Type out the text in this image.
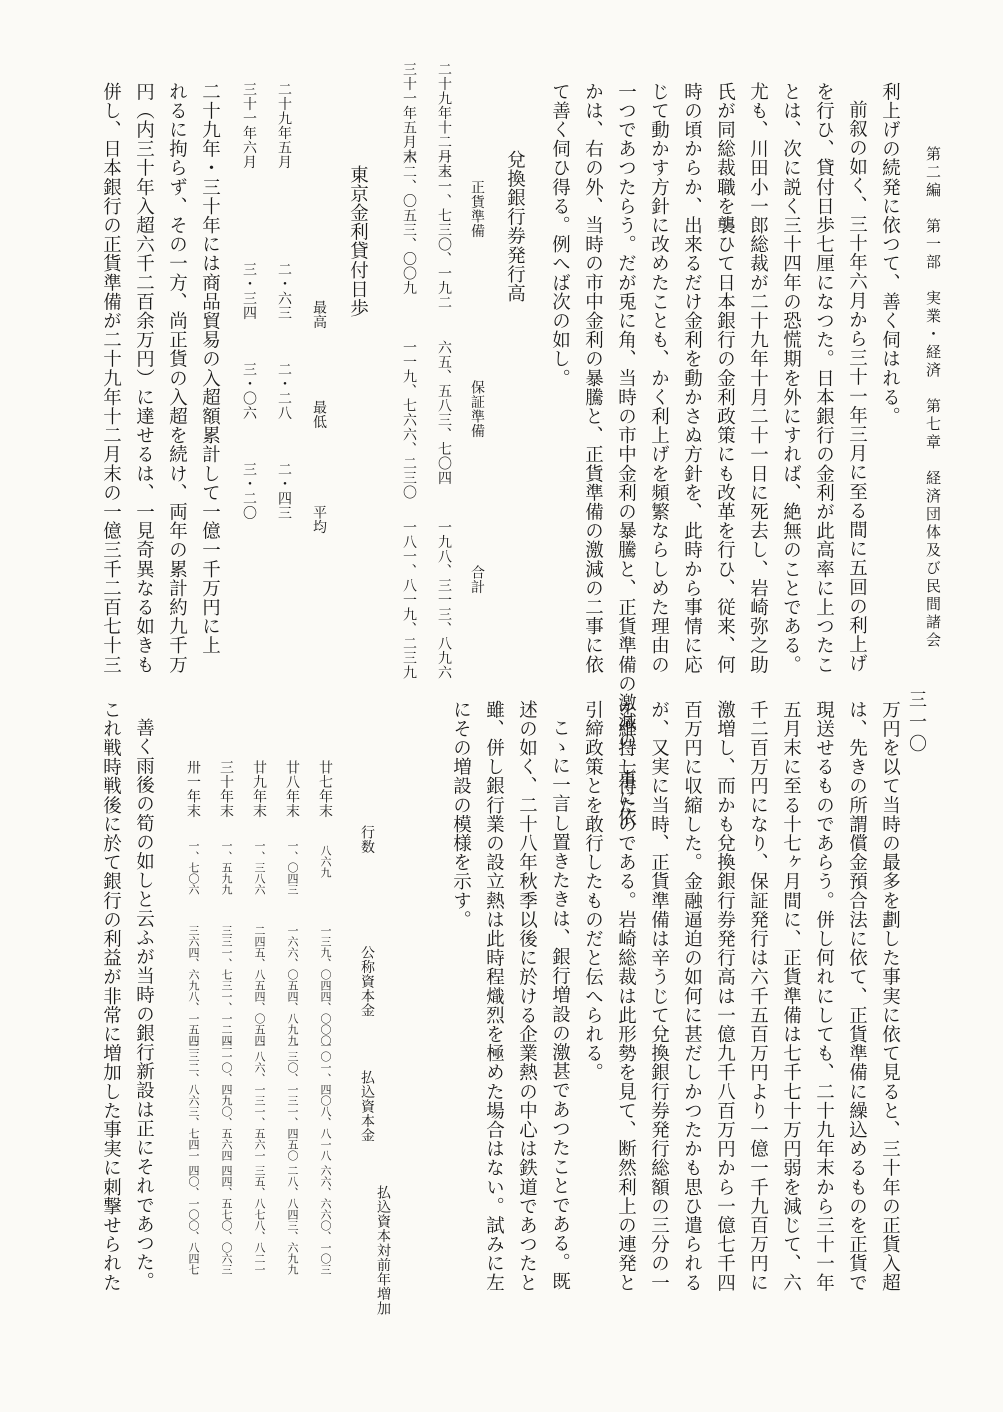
第二編　第一部　実業・経済　第七章　経済団体及び民間諸会
三一〇
利上げの続発に依つて、善く伺はれる。
前叙の如く、三十年六月から三十一年三月に至る間に五回の利上げ
を行ひ、貸付日歩七厘になつた。日本銀行の金利が此高率に上つたこ
とは、次に説く三十四年の恐慌期を外にすれば、絶無のことである。
尤も、川田小一郎総裁が二十九年十月二十一日に死去し、岩崎弥之助
氏が同総裁職を襲ひて日本銀行の金利政策にも改革を行ひ、従来、何
時の頃からか、出来るだけ金利を動かさぬ方針を、此時から事情に応
じて動かす方針に改めたことも、かく利上げを頻繁ならしめた理由の
一つであつたらう。だが兎に角、当時の市中金利の暴騰と、正貨準備の激減の二事に依
かは、右の外、当時の市中金利の暴騰と、正貨準備の激減の二事に依
て善く伺ひ得る。例へば次の如し。
兌換銀行券発行高
正貨準備
保証準備
合計
二十九年十二月末
一三一、七三〇、一九二
六五、五八三、七〇四
一九八、三一三、八九六
三十一年五月末
六二、〇五三、〇〇九
一一九、七六六、二三〇
一八一、八一九、二三九
東京金利貸付日歩
最高
最低
平均
二十九年五月
二・六三
二・二八
二・四三
三十一年六月
三・三四
三・〇六
三・二〇
二十九年・三十年には商品貿易の入超額累計して一億一千万円に上
れるに拘らず、その一方、尚正貨の入超を続け、両年の累計約九千万
円（内三十年入超六千二百余万円）に達せるは、一見奇異なる如きも
併し、日本銀行の正貨準備が二十九年十二月末の一億三千二百七十三
万円を以て当時の最多を劃した事実に依て見ると、三十年の正貨入超
は、先きの所謂償金預合法に依て、正貨準備に繰込めるものを正貨で
現送せるものであらう。併し何れにしても、二十九年末から三十一年
五月末に至る十七ヶ月間に、正貨準備は七千七十万円弱を減じて、六
千二百万円になり、保証発行は六千五百万円より一億一千九百万円に
激増し、而かも兌換銀行券発行高は一億九千八百万円から一億七千四
百万円に収縮した。金融逼迫の如何に甚だしかつたかも思ひ遣られる
が、又実に当時、正貨準備は辛うじて兌換銀行券発行総額の三分の一
を維持し得たのである。岩崎総裁は此形勢を見て、断然利上の連発と
引締政策とを敢行したものだと伝へられる。
こゝに一言し置きたきは、銀行増設の激甚であつたことである。既
述の如く、二十八年秋季以後に於ける企業熱の中心は鉄道であつたと
雖、併し銀行業の設立熱は此時程熾烈を極めた場合はない。試みに左
にその増設の模様を示す。
行数
公称資本金
払込資本金
払込資本対前年増加
廿七年末
八六九
一三九、〇四四、〇〇〇
一〇一、四〇八、八一八
六六、六六〇、一〇三
廿八年末
一、〇四三
一六六、〇五四、八九九
一三〇、一三一、四五〇
二八、八四三、六九九
廿九年末
一、三八六
二四五、八五四、〇五四
一八六、一三一、五六一
三五、八七八、八二一
三十年末
一、五九九
三三一、七三一、一二四
二一〇、四九〇、五六四
四四、五七〇、〇六三
卅一年末
一、七〇六
三六四、六九八、一五四
三三二、八六三、七四一
四〇、一〇〇、八四七
善く雨後の筍の如しと云ふが当時の銀行新設は正にそれであつた。
これ戦時戦後に於て銀行の利益が非常に増加した事実に刺撃せられた
